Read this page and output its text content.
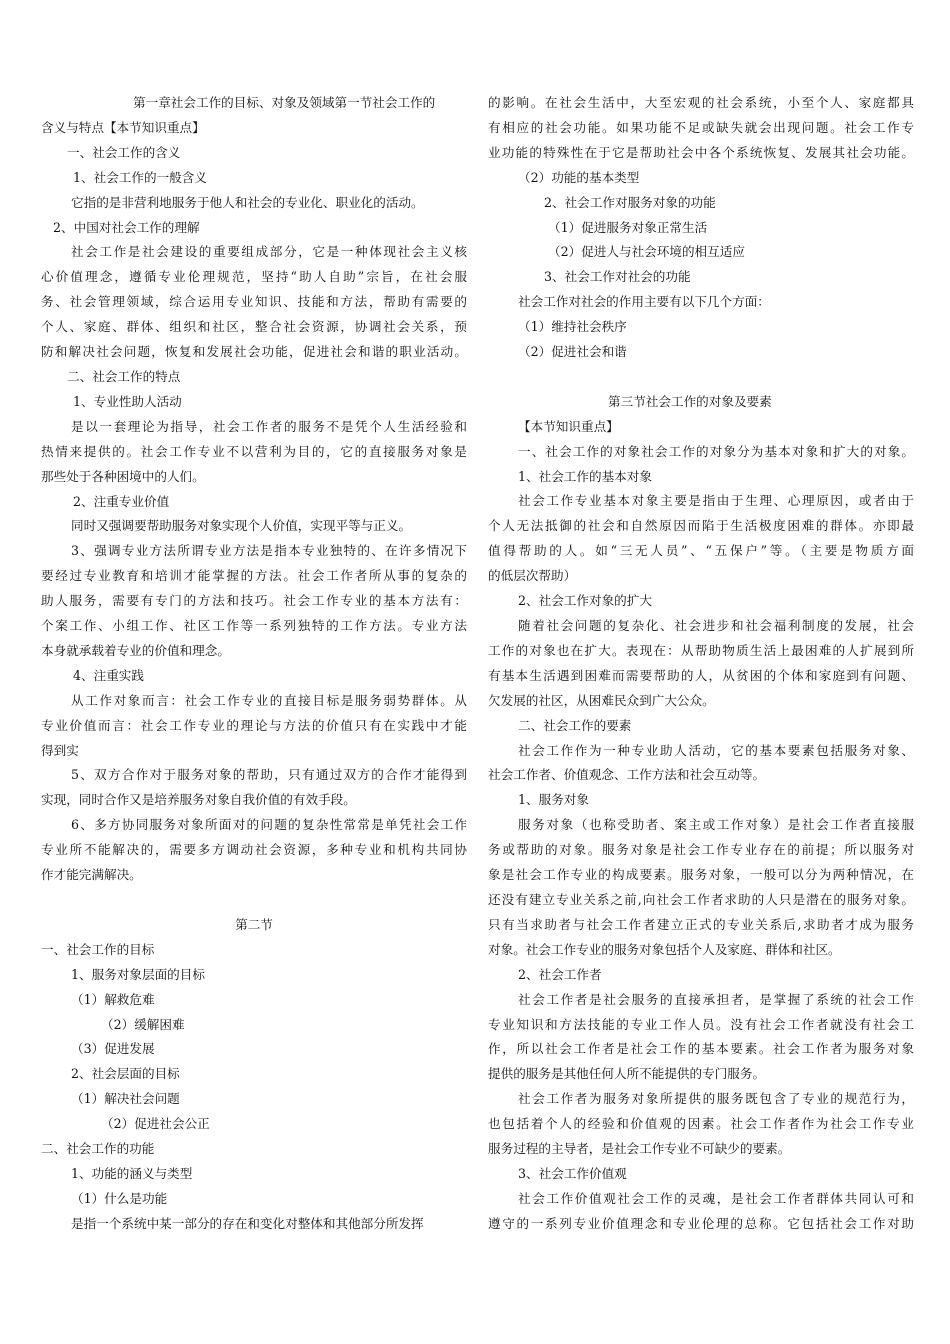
第一章社会工作的目标、对象及领域第一节社会工作的

含义与特点【本节知识重点】

一、社会工作的含义

1、社会工作的一般含义

它指的是非营利地服务于他人和社会的专业化、职业化的活动。

2、中国对社会工作的理解

社会工作是社会建设的重要组成部分，它是一种体现社会主义核

心价值理念，遵循专业伦理规范，坚持“助人自助”宗旨，在社会服

务、社会管理领域，综合运用专业知识、技能和方法，帮助有需要的

个人、家庭、群体、组织和社区，整合社会资源，协调社会关系，预

防和解决社会问题，恢复和发展社会功能，促进社会和谐的职业活动。

二、社会工作的特点

1、专业性助人活动

是以一套理论为指导，社会工作者的服务不是凭个人生活经验和

热情来提供的。社会工作专业不以营利为目的，它的直接服务对象是

那些处于各种困境中的人们。

2、注重专业价值

同时又强调要帮助服务对象实现个人价值，实现平等与正义。

3、强调专业方法所谓专业方法是指本专业独特的、在许多情况下

要经过专业教育和培训才能掌握的方法。社会工作者所从事的复杂的

助人服务，需要有专门的方法和技巧。社会工作专业的基本方法有：

个案工作、小组工作、社区工作等一系列独特的工作方法。专业方法

本身就承载着专业的价值和理念。

4、注重实践

从工作对象而言：社会工作专业的直接目标是服务弱势群体。从

专业价值而言：社会工作专业的理论与方法的价值只有在实践中才能

得到实

5、双方合作对于服务对象的帮助，只有通过双方的合作才能得到

实现，同时合作又是培养服务对象自我价值的有效手段。

6、多方协同服务对象所面对的问题的复杂性常常是单凭社会工作

专业所不能解决的，需要多方调动社会资源，多种专业和机构共同协

作才能完满解决。

第二节

一、社会工作的目标

1、服务对象层面的目标

（1）解救危难

（2）缓解困难

（3）促进发展

2、社会层面的目标

（1）解决社会问题

（2）促进社会公正

二、社会工作的功能

1、功能的涵义与类型

（1）什么是功能

是指一个系统中某一部分的存在和变化对整体和其他部分所发挥

的影响。在社会生活中，大至宏观的社会系统，小至个人、家庭都具

有相应的社会功能。如果功能不足或缺失就会出现问题。社会工作专

业功能的特殊性在于它是帮助社会中各个系统恢复、发展其社会功能。

（2）功能的基本类型

2、社会工作对服务对象的功能

（1）促进服务对象正常生活

（2）促进人与社会环境的相互适应

3、社会工作对社会的功能

社会工作对社会的作用主要有以下几个方面：

（1）维持社会秩序

（2）促进社会和谐

第三节社会工作的对象及要素

【本节知识重点】

一、社会工作的对象社会工作的对象分为基本对象和扩大的对象。

1、社会工作的基本对象

社会工作专业基本对象主要是指由于生理、心理原因，或者由于

个人无法抵御的社会和自然原因而陷于生活极度困难的群体。亦即最

值得帮助的人。如“三无人员”、“五保户”等。（主要是物质方面

的低层次帮助）

2、社会工作对象的扩大

随着社会问题的复杂化、社会进步和社会福利制度的发展，社会

工作的对象也在扩大。表现在：从帮助物质生活上最困难的人扩展到所

有基本生活遇到困难而需要帮助的人，从贫困的个体和家庭到有问题、

欠发展的社区，从困难民众到广大公众。

二、社会工作的要素

社会工作作为一种专业助人活动，它的基本要素包括服务对象、

社会工作者、价值观念、工作方法和社会互动等。

1、服务对象

服务对象（也称受助者、案主或工作对象）是社会工作者直接服

务或帮助的对象。服务对象是社会工作专业存在的前提；所以服务对

象是社会工作专业的构成要素。服务对象，一般可以分为两种情况，在

还没有建立专业关系之前,向社会工作者求助的人只是潜在的服务对象。

只有当求助者与社会工作者建立正式的专业关系后,求助者才成为服务

对象。社会工作专业的服务对象包括个人及家庭、群体和社区。

2、社会工作者

社会工作者是社会服务的直接承担者，是掌握了系统的社会工作

专业知识和方法技能的专业工作人员。没有社会工作者就没有社会工

作，所以社会工作者是社会工作的基本要素。社会工作者为服务对象

提供的服务是其他任何人所不能提供的专门服务。

社会工作者为服务对象所提供的服务既包含了专业的规范行为，

也包括着个人的经验和价值观的因素。社会工作者作为社会工作专业

服务过程的主导者，是社会工作专业不可缺少的要素。

3、社会工作价值观

社会工作价值观社会工作的灵魂，是社会工作者群体共同认可和

遵守的一系列专业价值理念和专业伦理的总称。它包括社会工作对助
